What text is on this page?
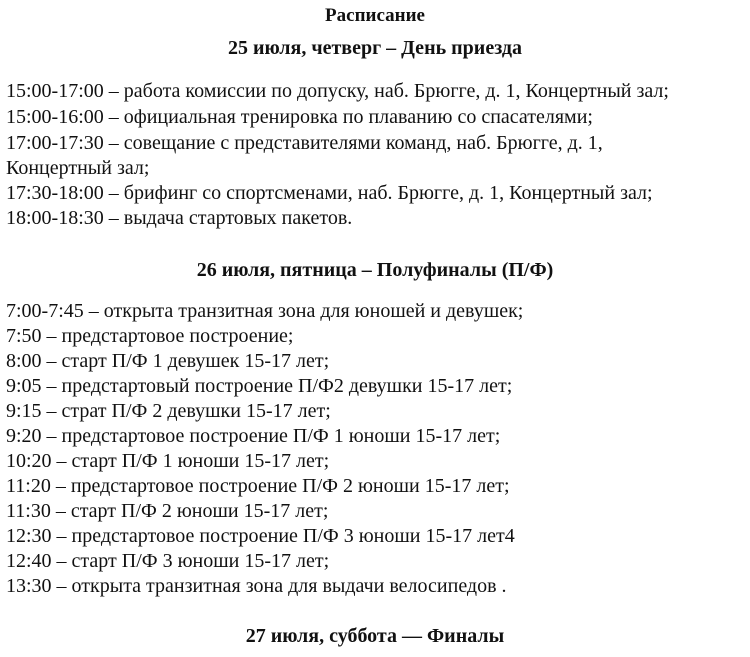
Расписание
25 июля, четверг – День приезда
15:00-17:00 – работа комиссии по допуску, наб. Брюгге, д. 1, Концертный зал;
15:00-16:00 – официальная тренировка по плаванию со спасателями;
17:00-17:30 – совещание с представителями команд, наб. Брюгге, д. 1,
Концертный зал;
17:30-18:00 – брифинг со спортсменами, наб. Брюгге, д. 1, Концертный зал;
18:00-18:30 – выдача стартовых пакетов.
26 июля, пятница – Полуфиналы (П/Ф)
7:00-7:45 – открыта транзитная зона для юношей и девушек;
7:50 – предстартовое построение;
8:00 – старт П/Ф 1 девушек 15-17 лет;
9:05 – предстартовый построение П/Ф2 девушки 15-17 лет;
9:15 – страт П/Ф 2 девушки 15-17 лет;
9:20 – предстартовое построение П/Ф 1 юноши 15-17 лет;
10:20 – старт П/Ф 1 юноши 15-17 лет;
11:20 – предстартовое построение П/Ф 2 юноши 15-17 лет;
11:30 – старт П/Ф 2 юноши 15-17 лет;
12:30 – предстартовое построение П/Ф 3 юноши 15-17 лет4
12:40 – старт П/Ф 3 юноши 15-17 лет;
13:30 – открыта транзитная зона для выдачи велосипедов .
27 июля, суббота — Финалы
